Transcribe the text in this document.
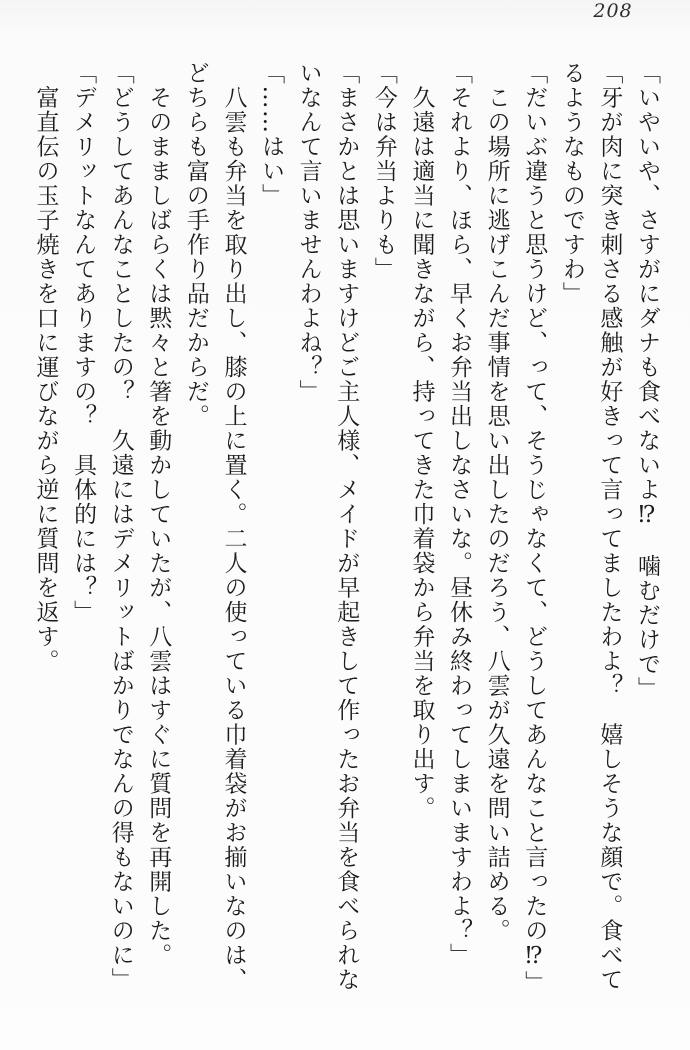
208
「いやいや、さすがにダナも食べないよ⁉　噛むだけで」
「牙が肉に突き刺さる感触が好きって言ってましたわよ？　嬉しそうな顔で。食べて
るようなものですわ」
「だいぶ違うと思うけど、って、そうじゃなくて、どうしてあんなこと言ったの⁉」
　この場所に逃げこんだ事情を思い出したのだろう、八雲が久遠を問い詰める。
「それより、ほら、早くお弁当出しなさいな。昼休み終わってしまいますわよ？」
　久遠は適当に聞きながら、持ってきた巾着袋から弁当を取り出す。
「今は弁当よりも」
「まさかとは思いますけどご主人様、メイドが早起きして作ったお弁当を食べられな
いなんて言いませんわよね？」
「……はい」
　八雲も弁当を取り出し、膝の上に置く。二人の使っている巾着袋がお揃いなのは、
どちらも富の手作り品だからだ。
　そのまましばらくは黙々と箸を動かしていたが、八雲はすぐに質問を再開した。
「どうしてあんなことしたの？　久遠にはデメリットばかりでなんの得もないのに」
「デメリットなんてありますの？　具体的には？」
　富直伝の玉子焼きを口に運びながら逆に質問を返す。
